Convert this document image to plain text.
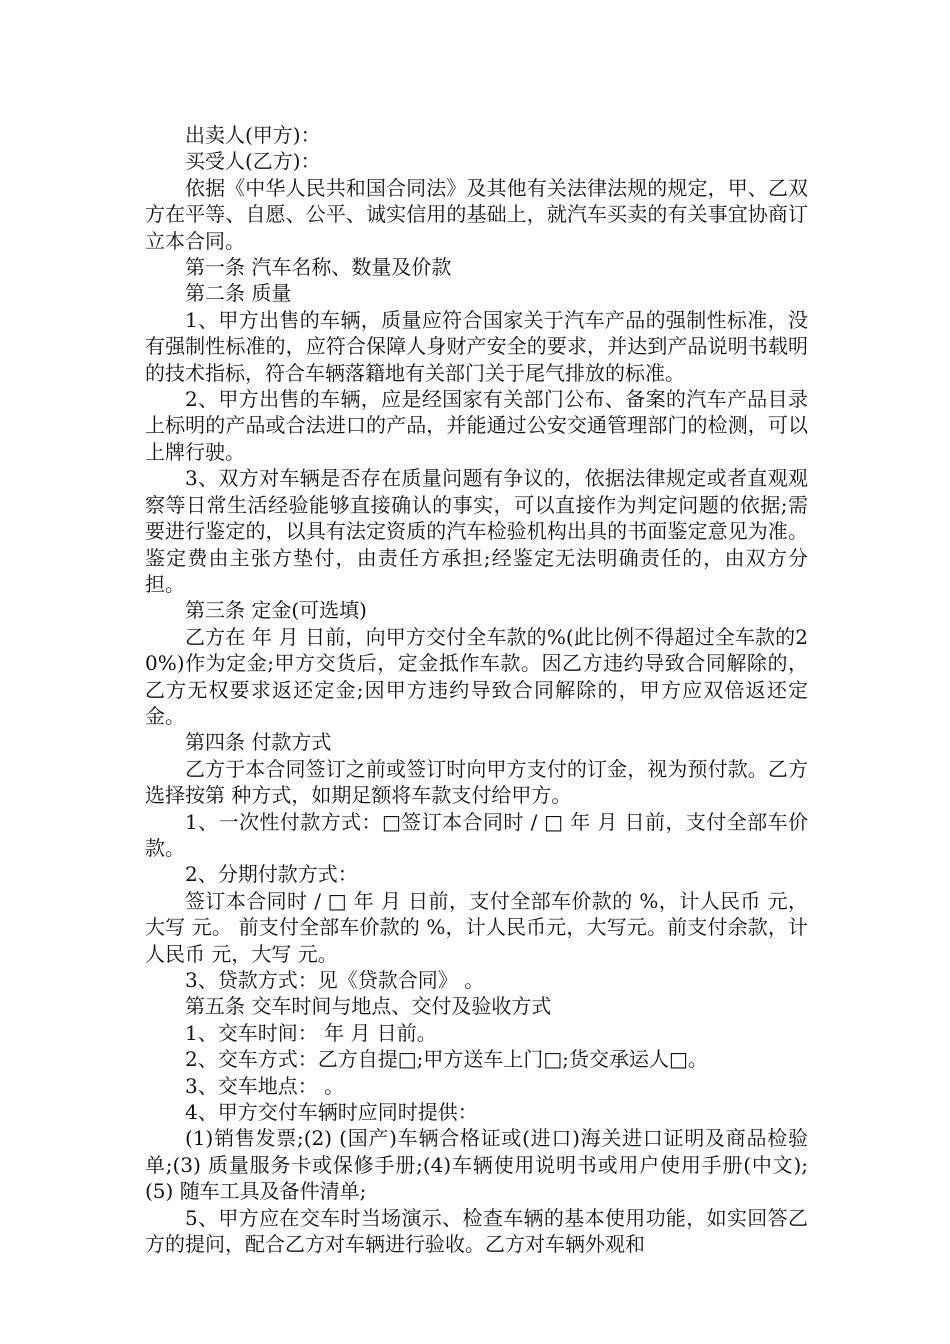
出卖人(甲方)：

买受人(乙方)：

依据《中华人民共和国合同法》及其他有关法律法规的规定，甲、乙双方在平等、自愿、公平、诚实信用的基础上，就汽车买卖的有关事宜协商订立本合同。

第一条 汽车名称、数量及价款

第二条 质量

1、甲方出售的车辆，质量应符合国家关于汽车产品的强制性标准，没有强制性标准的，应符合保障人身财产安全的要求，并达到产品说明书载明的技术指标，符合车辆落籍地有关部门关于尾气排放的标准。

2、甲方出售的车辆，应是经国家有关部门公布、备案的汽车产品目录上标明的产品或合法进口的产品，并能通过公安交通管理部门的检测，可以上牌行驶。

3、双方对车辆是否存在质量问题有争议的，依据法律规定或者直观观察等日常生活经验能够直接确认的事实，可以直接作为判定问题的依据;需要进行鉴定的，以具有法定资质的汽车检验机构出具的书面鉴定意见为准。鉴定费由主张方垫付，由责任方承担;经鉴定无法明确责任的，由双方分担。

第三条 定金(可选填)

乙方在 年 月 日前，向甲方交付全车款的%(此比例不得超过全车款的20%)作为定金;甲方交货后，定金抵作车款。因乙方违约导致合同解除的，乙方无权要求返还定金;因甲方违约导致合同解除的，甲方应双倍返还定金。

第四条 付款方式

乙方于本合同签订之前或签订时向甲方支付的订金，视为预付款。乙方选择按第 种方式，如期足额将车款支付给甲方。

1、一次性付款方式：□签订本合同时 / □ 年 月 日前，支付全部车价款。

2、分期付款方式：

签订本合同时 / □ 年 月 日前，支付全部车价款的 %，计人民币 元，大写 元。 前支付全部车价款的 %，计人民币元，大写元。前支付余款，计人民币 元，大写 元。

3、贷款方式：见《贷款合同》 。

第五条 交车时间与地点、交付及验收方式

1、交车时间： 年 月 日前。

2、交车方式：乙方自提□;甲方送车上门□;货交承运人□。

3、交车地点： 。

4、甲方交付车辆时应同时提供：

(1)销售发票;(2) (国产)车辆合格证或(进口)海关进口证明及商品检验单;(3) 质量服务卡或保修手册;(4)车辆使用说明书或用户使用手册(中文);(5) 随车工具及备件清单;

5、甲方应在交车时当场演示、检查车辆的基本使用功能，如实回答乙方的提问，配合乙方对车辆进行验收。乙方对车辆外观和
